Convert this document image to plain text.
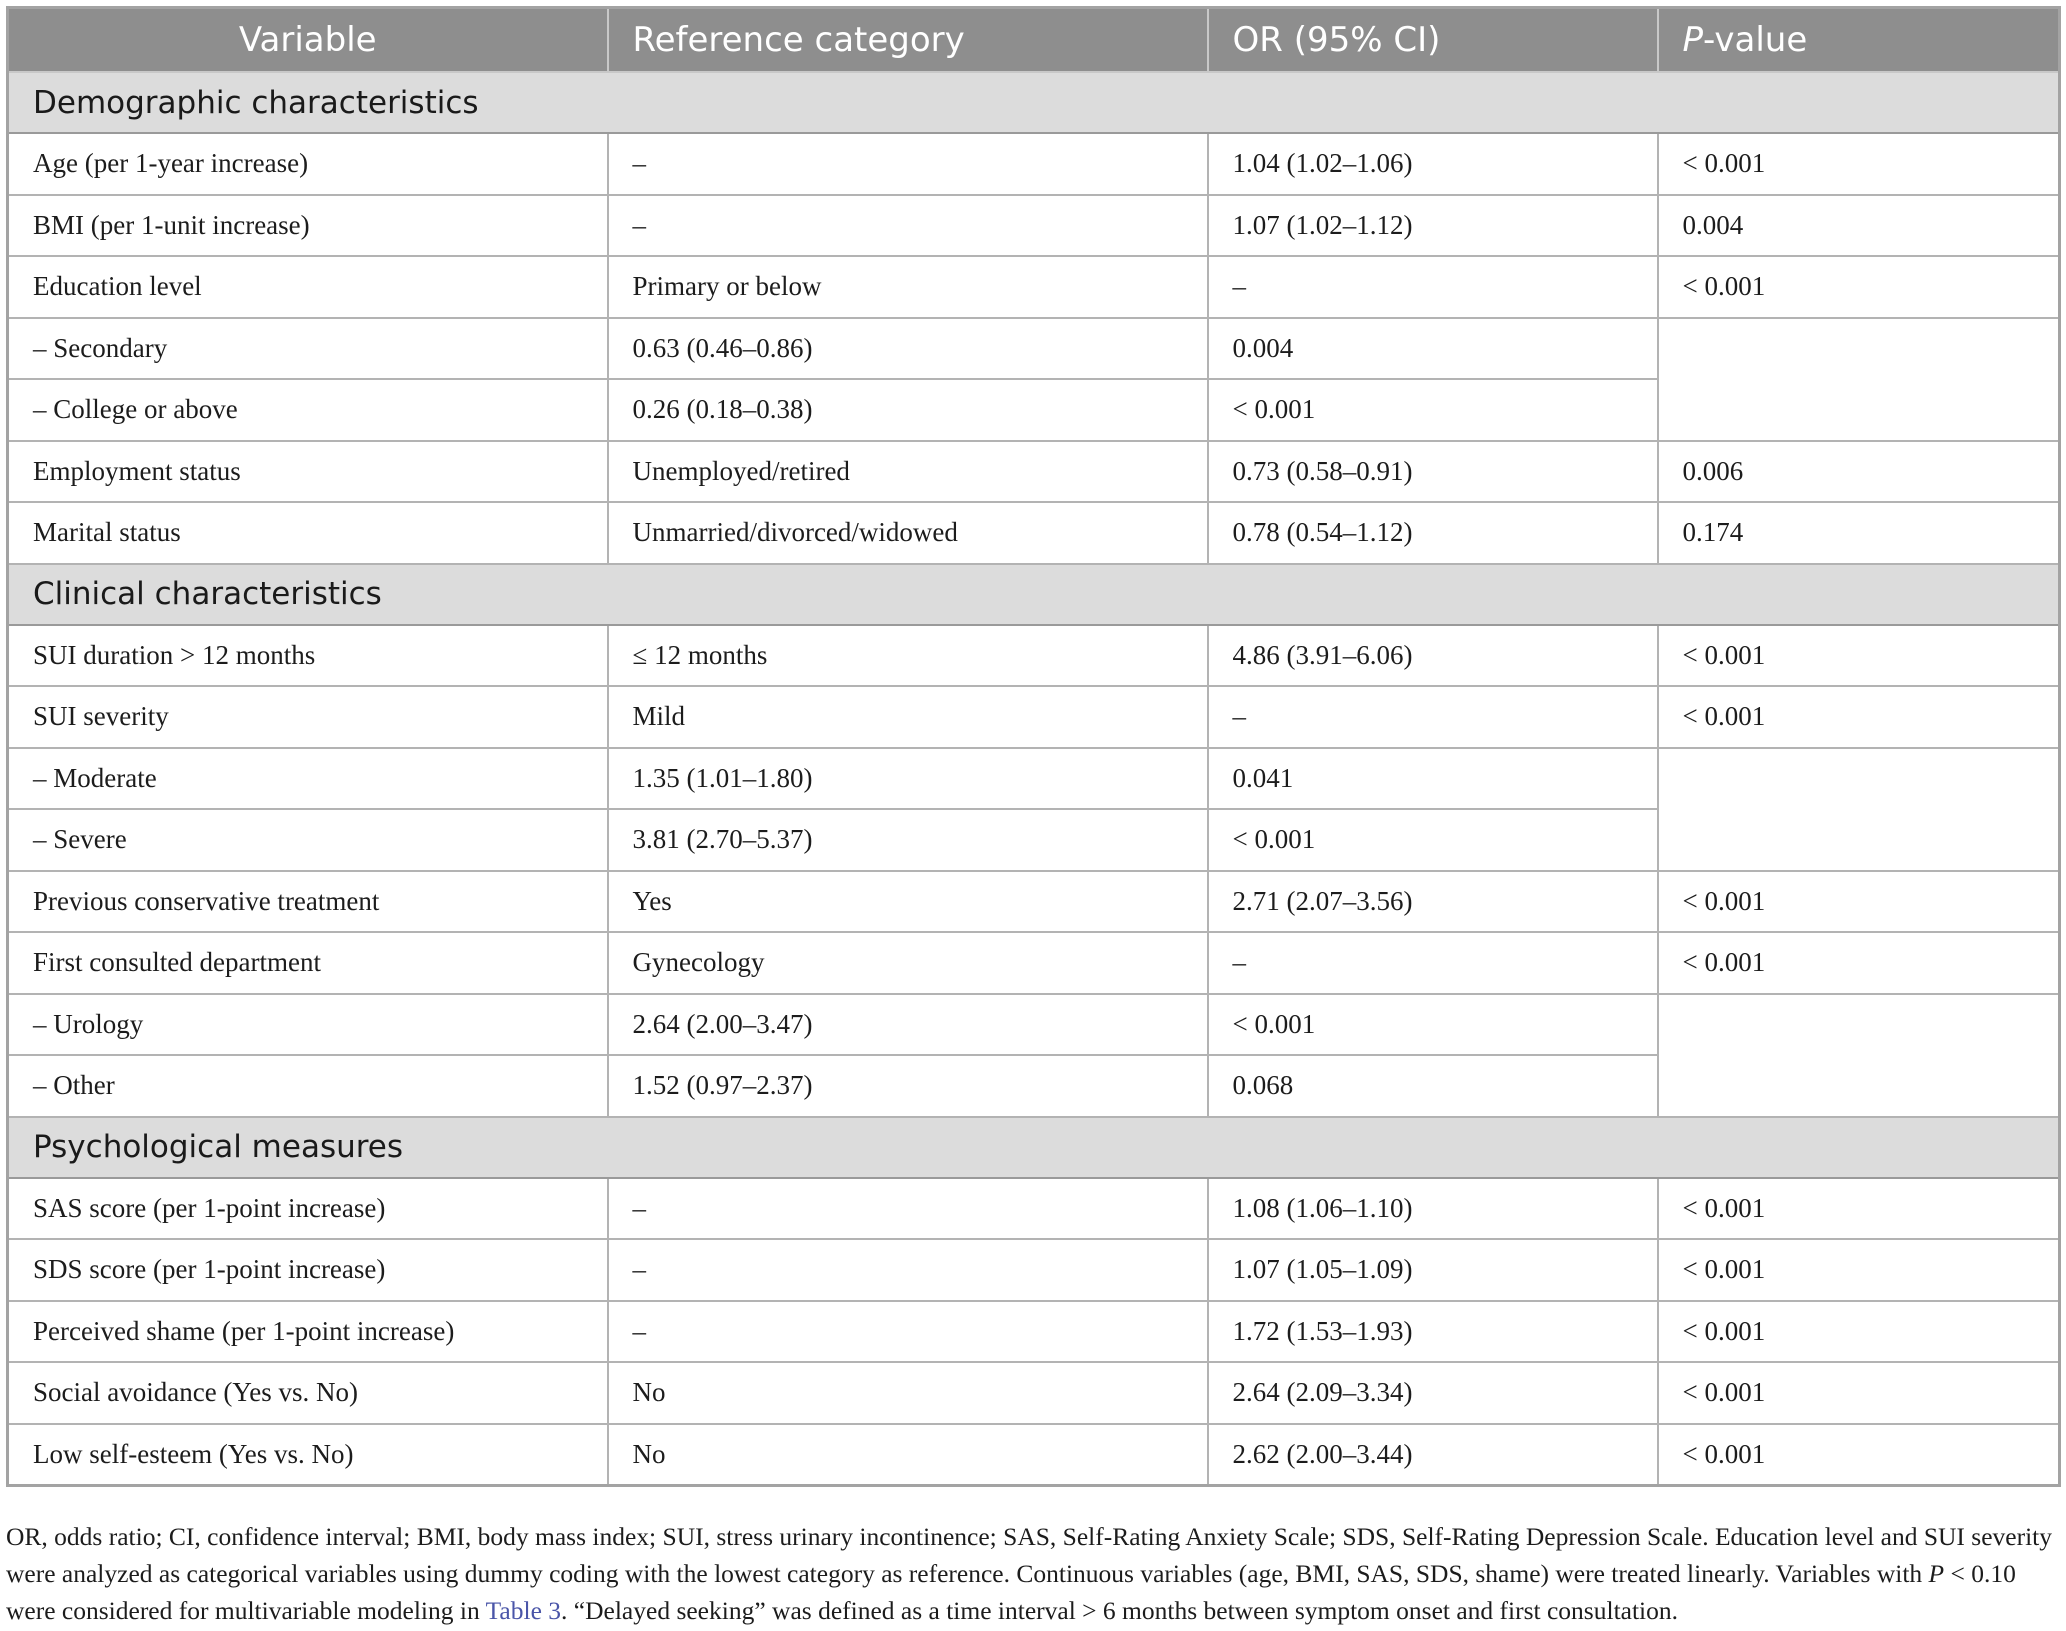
Variable	Reference category	OR (95% CI)	P-value
Demographic characteristics			
Age (per 1-year increase)	–	1.04 (1.02–1.06)	< 0.001
BMI (per 1-unit increase)	–	1.07 (1.02–1.12)	0.004
Education level	Primary or below	–	< 0.001
– Secondary	0.63 (0.46–0.86)	0.004	
– College or above	0.26 (0.18–0.38)	< 0.001	
Employment status	Unemployed/retired	0.73 (0.58–0.91)	0.006
Marital status	Unmarried/divorced/widowed	0.78 (0.54–1.12)	0.174
Clinical characteristics			
SUI duration > 12 months	≤ 12 months	4.86 (3.91–6.06)	< 0.001
SUI severity	Mild	–	< 0.001
– Moderate	1.35 (1.01–1.80)	0.041	
– Severe	3.81 (2.70–5.37)	< 0.001	
Previous conservative treatment	Yes	2.71 (2.07–3.56)	< 0.001
First consulted department	Gynecology	–	< 0.001
– Urology	2.64 (2.00–3.47)	< 0.001	
– Other	1.52 (0.97–2.37)	0.068	
Psychological measures			
SAS score (per 1-point increase)	–	1.08 (1.06–1.10)	< 0.001
SDS score (per 1-point increase)	–	1.07 (1.05–1.09)	< 0.001
Perceived shame (per 1-point increase)	–	1.72 (1.53–1.93)	< 0.001
Social avoidance (Yes vs. No)	No	2.64 (2.09–3.34)	< 0.001
Low self-esteem (Yes vs. No)	No	2.62 (2.00–3.44)	< 0.001
OR, odds ratio; CI, confidence interval; BMI, body mass index; SUI, stress urinary incontinence; SAS, Self-Rating Anxiety Scale; SDS, Self-Rating Depression Scale. Education level and SUI severity were analyzed as categorical variables using dummy coding with the lowest category as reference. Continuous variables (age, BMI, SAS, SDS, shame) were treated linearly. Variables with P < 0.10 were considered for multivariable modeling in Table 3. “Delayed seeking” was defined as a time interval > 6 months between symptom onset and first consultation.
